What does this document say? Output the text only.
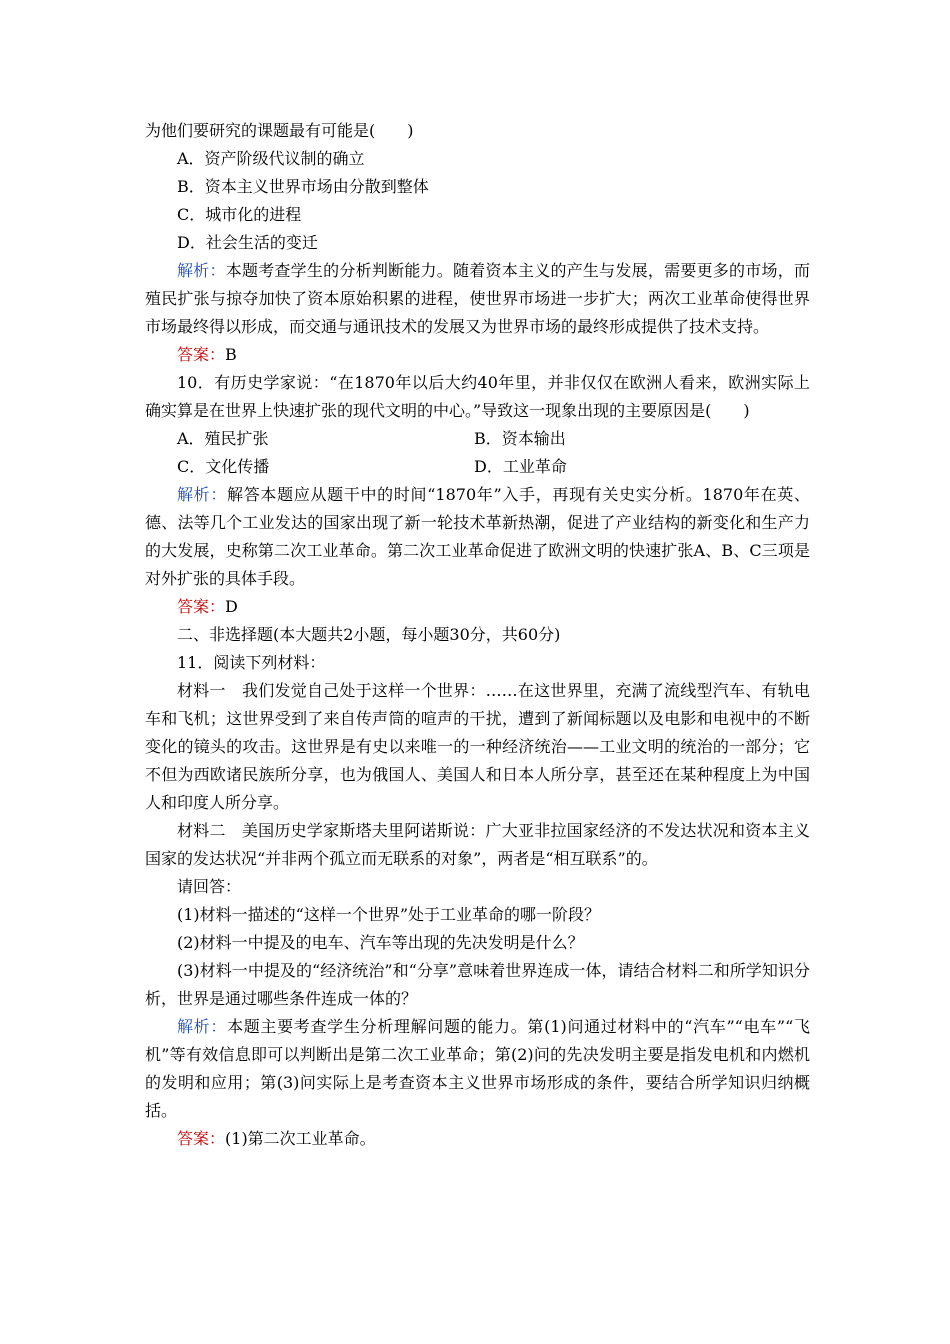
为他们要研究的课题最有可能是(　　)
A．资产阶级代议制的确立
B．资本主义世界市场由分散到整体
C．城市化的进程
D．社会生活的变迁
解析：本题考查学生的分析判断能力。随着资本主义的产生与发展，需要更多的市场，而殖民扩张与掠夺加快了资本原始积累的进程，使世界市场进一步扩大；两次工业革命使得世界市场最终得以形成，而交通与通讯技术的发展又为世界市场的最终形成提供了技术支持。
答案：B
10．有历史学家说：“在1870年以后大约40年里，并非仅仅在欧洲人看来，欧洲实际上确实算是在世界上快速扩张的现代文明的中心。”导致这一现象出现的主要原因是(　　)
A．殖民扩张	B．资本输出
C．文化传播	D．工业革命
解析：解答本题应从题干中的时间“1870年”入手，再现有关史实分析。1870年在英、德、法等几个工业发达的国家出现了新一轮技术革新热潮，促进了产业结构的新变化和生产力的大发展，史称第二次工业革命。第二次工业革命促进了欧洲文明的快速扩张A、B、C三项是对外扩张的具体手段。
答案：D
二、非选择题(本大题共2小题，每小题30分，共60分)
11．阅读下列材料：
材料一　我们发觉自己处于这样一个世界：……在这世界里，充满了流线型汽车、有轨电车和飞机；这世界受到了来自传声筒的喧声的干扰，遭到了新闻标题以及电影和电视中的不断变化的镜头的攻击。这世界是有史以来唯一的一种经济统治——工业文明的统治的一部分；它不但为西欧诸民族所分享，也为俄国人、美国人和日本人所分享，甚至还在某种程度上为中国人和印度人所分享。
材料二　美国历史学家斯塔夫里阿诺斯说：广大亚非拉国家经济的不发达状况和资本主义国家的发达状况“并非两个孤立而无联系的对象”，两者是“相互联系”的。
请回答：
(1)材料一描述的“这样一个世界”处于工业革命的哪一阶段？
(2)材料一中提及的电车、汽车等出现的先决发明是什么？
(3)材料一中提及的“经济统治”和“分享”意味着世界连成一体，请结合材料二和所学知识分析，世界是通过哪些条件连成一体的？
解析：本题主要考查学生分析理解问题的能力。第(1)问通过材料中的“汽车”“电车”“飞机”等有效信息即可以判断出是第二次工业革命；第(2)问的先决发明主要是指发电机和内燃机的发明和应用；第(3)问实际上是考查资本主义世界市场形成的条件，要结合所学知识归纳概括。
答案：(1)第二次工业革命。
